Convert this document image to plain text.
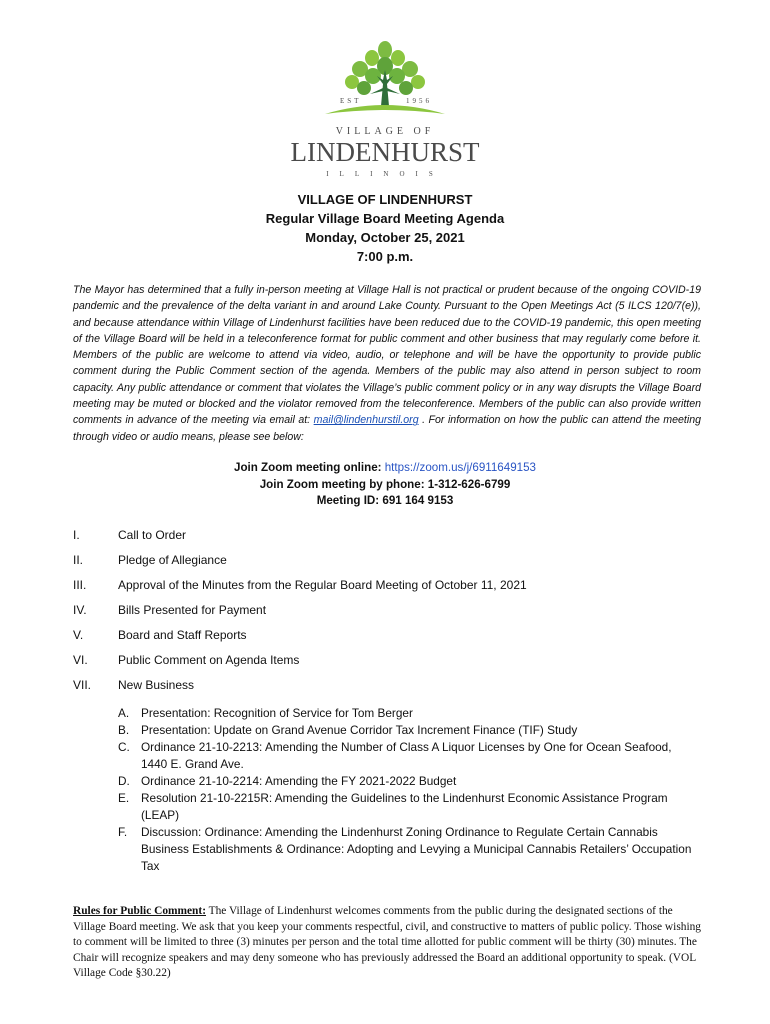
EST	1956
VILLAGE OF
LINDENHURST
ILLINOIS
VILLAGE OF LINDENHURST
Regular Village Board Meeting Agenda
Monday, October 25, 2021
7:00 p.m.
The Mayor has determined that a fully in-person meeting at Village Hall is not practical or prudent because of the ongoing COVID-19 pandemic and the prevalence of the delta variant in and around Lake County. Pursuant to the Open Meetings Act (5 ILCS 120/7(e)), and because attendance within Village of Lindenhurst facilities have been reduced due to the COVID-19 pandemic, this open meeting of the Village Board will be held in a teleconference format for public comment and other business that may regularly come before it. Members of the public are welcome to attend via video, audio, or telephone and will be have the opportunity to provide public comment during the Public Comment section of the agenda. Members of the public may also attend in person subject to room capacity. Any public attendance or comment that violates the Village’s public comment policy or in any way disrupts the Village Board meeting may be muted or blocked and the violator removed from the teleconference. Members of the public can also provide written comments in advance of the meeting via email at: mail@lindenhurstil.org . For information on how the public can attend the meeting through video or audio means, please see below:
Join Zoom meeting online: https://zoom.us/j/6911649153
Join Zoom meeting by phone: 1-312-626-6799
Meeting ID: 691 164 9153
I.	Call to Order
II.	Pledge of Allegiance
III.	Approval of the Minutes from the Regular Board Meeting of October 11, 2021
IV.	Bills Presented for Payment
V.	Board and Staff Reports
VI.	Public Comment on Agenda Items
VII.	New Business
A.	Presentation: Recognition of Service for Tom Berger
B.	Presentation: Update on Grand Avenue Corridor Tax Increment Finance (TIF) Study
C. Ordinance 21-10-2213: Amending the Number of Class A Liquor Licenses by One for Ocean Seafood, 1440 E. Grand Ave.
D. Ordinance 21-10-2214: Amending the FY 2021-2022 Budget
E.	Resolution 21-10-2215R: Amending the Guidelines to the Lindenhurst Economic Assistance Program (LEAP)
F.	Discussion: Ordinance: Amending the Lindenhurst Zoning Ordinance to Regulate Certain Cannabis Business Establishments & Ordinance: Adopting and Levying a Municipal Cannabis Retailers’ Occupation Tax
Rules for Public Comment: The Village of Lindenhurst welcomes comments from the public during the designated sections of the Village Board meeting. We ask that you keep your comments respectful, civil, and constructive to matters of public policy. Those wishing to comment will be limited to three (3) minutes per person and the total time allotted for public comment will be thirty (30) minutes. The Chair will recognize speakers and may deny someone who has previously addressed the Board an additional opportunity to speak. (VOL Village Code §30.22)
